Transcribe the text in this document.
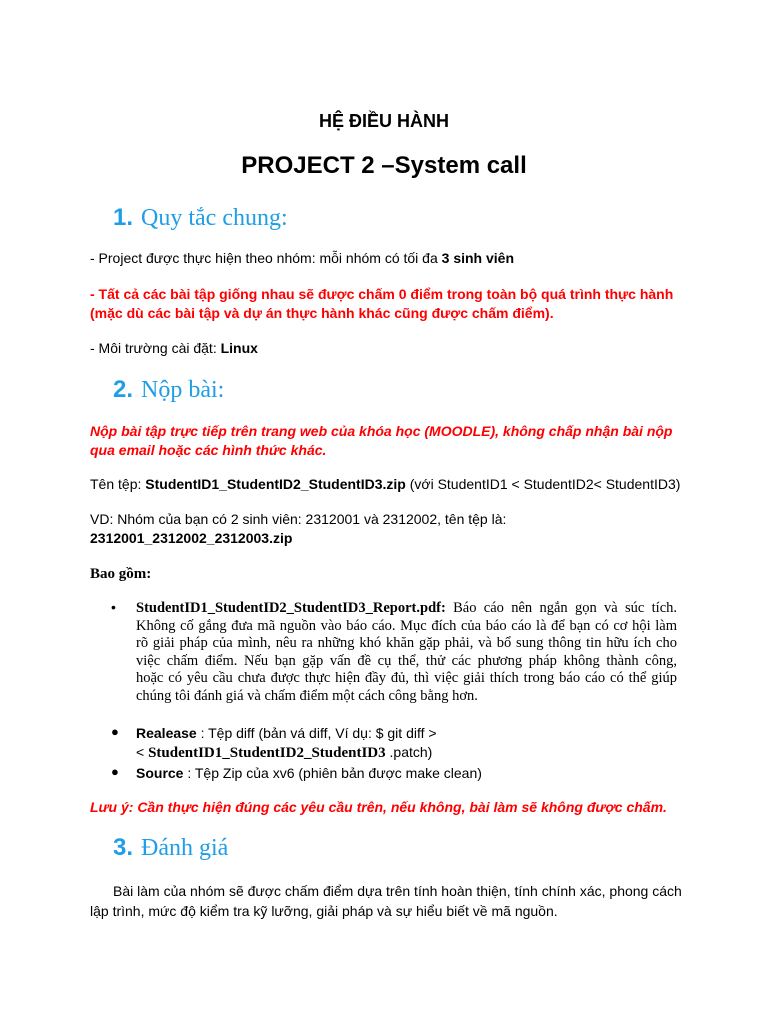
HỆ ĐIỀU HÀNH
PROJECT 2 –System call
1. Quy tắc chung:
- Project được thực hiện theo nhóm: mỗi nhóm có tối đa 3 sinh viên
- Tất cả các bài tập giống nhau sẽ được chấm 0 điểm trong toàn bộ quá trình thực hành
(mặc dù các bài tập và dự án thực hành khác cũng được chấm điểm).
- Môi trường cài đặt: Linux
2. Nộp bài:
Nộp bài tập trực tiếp trên trang web của khóa học (MOODLE), không chấp nhận bài nộp
qua email hoặc các hình thức khác.
Tên tệp: StudentID1_StudentID2_StudentID3.zip (với StudentID1 < StudentID2< StudentID3)
VD: Nhóm của bạn có 2 sinh viên: 2312001 và 2312002, tên tệp là:
2312001_2312002_2312003.zip
Bao gồm:
• StudentID1_StudentID2_StudentID3_Report.pdf: Báo cáo nên ngắn gọn và súc tích.
Không cố gắng đưa mã nguồn vào báo cáo. Mục đích của báo cáo là để bạn có cơ hội làm
rõ giải pháp của mình, nêu ra những khó khăn gặp phải, và bổ sung thông tin hữu ích cho
việc chấm điểm. Nếu bạn gặp vấn đề cụ thể, thử các phương pháp không thành công,
hoặc có yêu cầu chưa được thực hiện đầy đủ, thì việc giải thích trong báo cáo có thể giúp
chúng tôi đánh giá và chấm điểm một cách công bằng hơn.
● Realease : Tệp diff (bản vá diff, Ví dụ: $ git diff >
< StudentID1_StudentID2_StudentID3 .patch)
● Source : Tệp Zip của xv6 (phiên bản được make clean)
Lưu ý: Cần thực hiện đúng các yêu cầu trên, nếu không, bài làm sẽ không được chấm.
3. Đánh giá
Bài làm của nhóm sẽ được chấm điểm dựa trên tính hoàn thiện, tính chính xác, phong cách
lập trình, mức độ kiểm tra kỹ lưỡng, giải pháp và sự hiểu biết về mã nguồn.
